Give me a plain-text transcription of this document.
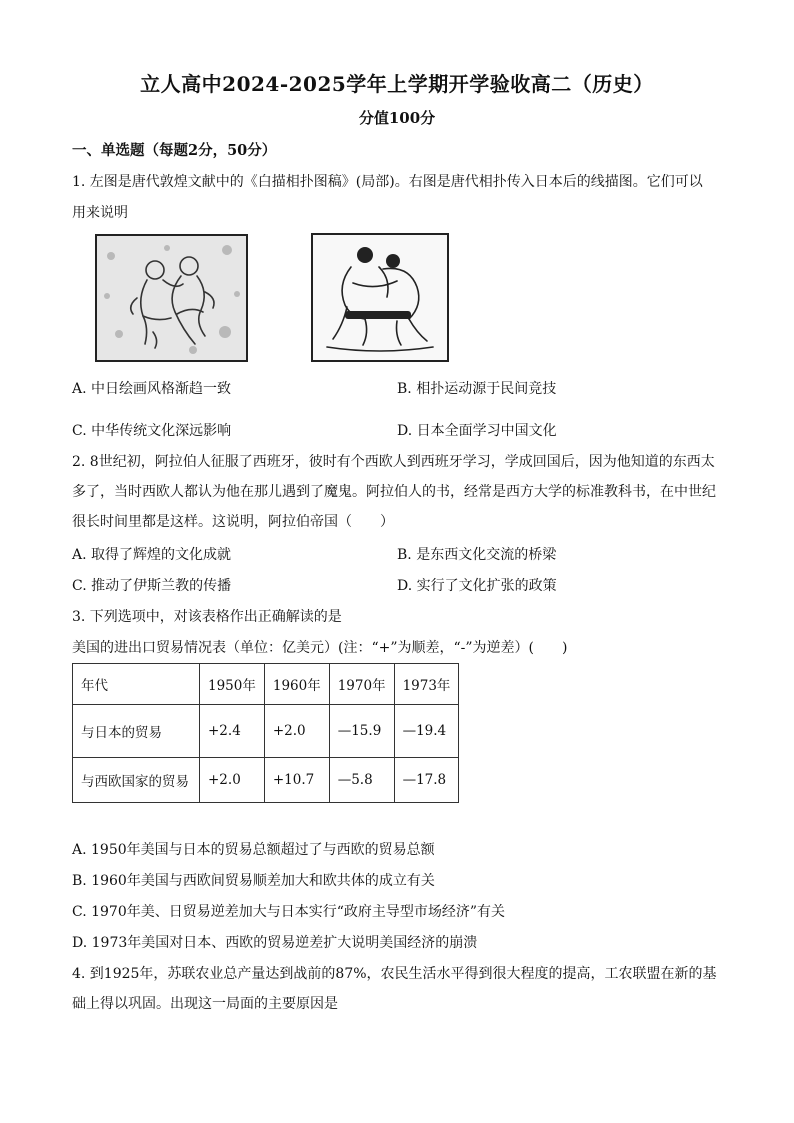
立人高中2024-2025学年上学期开学验收高二（历史）
分值100分
一、单选题（每题2分，50分）
1. 左图是唐代敦煌文献中的《白描相扑图稿》(局部)。右图是唐代相扑传入日本后的线描图。它们可以
用来说明
A. 中日绘画风格渐趋一致	B. 相扑运动源于民间竞技
C. 中华传统文化深远影响	D. 日本全面学习中国文化
2. 8世纪初，阿拉伯人征服了西班牙，彼时有个西欧人到西班牙学习，学成回国后，因为他知道的东西太多了，当时西欧人都认为他在那儿遇到了魔鬼。阿拉伯人的书，经常是西方大学的标准教科书，在中世纪很长时间里都是这样。这说明，阿拉伯帝国（　　）
A. 取得了辉煌的文化成就	B. 是东西文化交流的桥梁
C. 推动了伊斯兰教的传播	D. 实行了文化扩张的政策
3. 下列选项中，对该表格作出正确解读的是
美国的进出口贸易情况表（单位：亿美元）(注：“+”为顺差，“-”为逆差）(　　)
年代	1950年	1960年	1970年	1973年
与日本的贸易	+2.4	+2.0	—15.9	—19.4
与西欧国家的贸易	+2.0	+10.7	—5.8	—17.8
A. 1950年美国与日本的贸易总额超过了与西欧的贸易总额
B. 1960年美国与西欧间贸易顺差加大和欧共体的成立有关
C. 1970年美、日贸易逆差加大与日本实行“政府主导型市场经济”有关
D. 1973年美国对日本、西欧的贸易逆差扩大说明美国经济的崩溃
4. 到1925年，苏联农业总产量达到战前的87%，农民生活水平得到很大程度的提高，工农联盟在新的基础上得以巩固。出现这一局面的主要原因是
